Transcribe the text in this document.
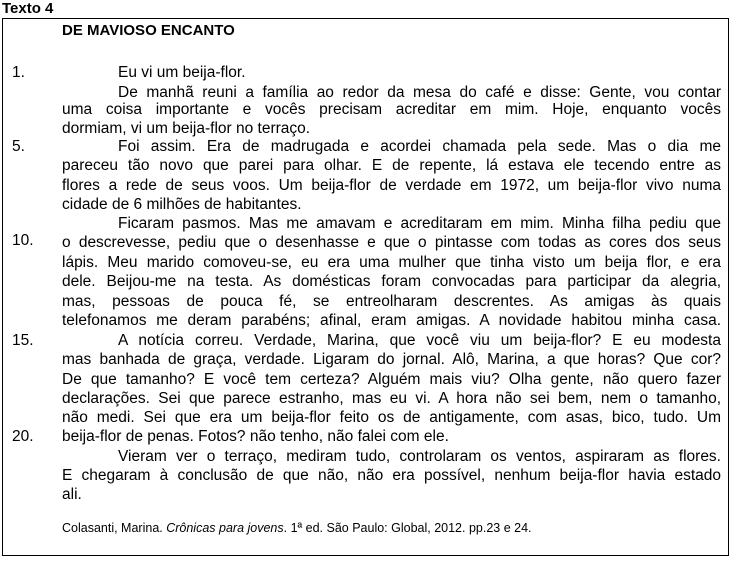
Texto 4
DE MAVIOSO ENCANTO
1.
5.
10.
15.
20.
Eu vi um beija-flor.
De manhã reuni a família ao redor da mesa do café e disse: Gente, vou contar
uma coisa importante e vocês precisam acreditar em mim. Hoje, enquanto vocês
dormiam, vi um beija-flor no terraço.
Foi assim. Era de madrugada e acordei chamada pela sede. Mas o dia me
pareceu tão novo que parei para olhar. E de repente, lá estava ele tecendo entre as
flores a rede de seus voos. Um beija-flor de verdade em 1972, um beija-flor vivo numa
cidade de 6 milhões de habitantes.
Ficaram pasmos. Mas me amavam e acreditaram em mim. Minha filha pediu que
o descrevesse, pediu que o desenhasse e que o pintasse com todas as cores dos seus
lápis. Meu marido comoveu-se, eu era uma mulher que tinha visto um beija flor, e era
dele. Beijou-me na testa. As domésticas foram convocadas para participar da alegria,
mas, pessoas de pouca fé, se entreolharam descrentes. As amigas às quais
telefonamos me deram parabéns; afinal, eram amigas. A novidade habitou minha casa.
A notícia correu. Verdade, Marina, que você viu um beija-flor? E eu modesta
mas banhada de graça, verdade. Ligaram do jornal. Alô, Marina, a que horas? Que cor?
De que tamanho? E você tem certeza? Alguém mais viu? Olha gente, não quero fazer
declarações. Sei que parece estranho, mas eu vi. A hora não sei bem, nem o tamanho,
não medi. Sei que era um beija-flor feito os de antigamente, com asas, bico, tudo. Um
beija-flor de penas. Fotos? não tenho, não falei com ele.
Vieram ver o terraço, mediram tudo, controlaram os ventos, aspiraram as flores.
E chegaram à conclusão de que não, não era possível, nenhum beija-flor havia estado
ali.
Colasanti, Marina. Crônicas para jovens. 1ª ed. São Paulo: Global, 2012. pp.23 e 24.
